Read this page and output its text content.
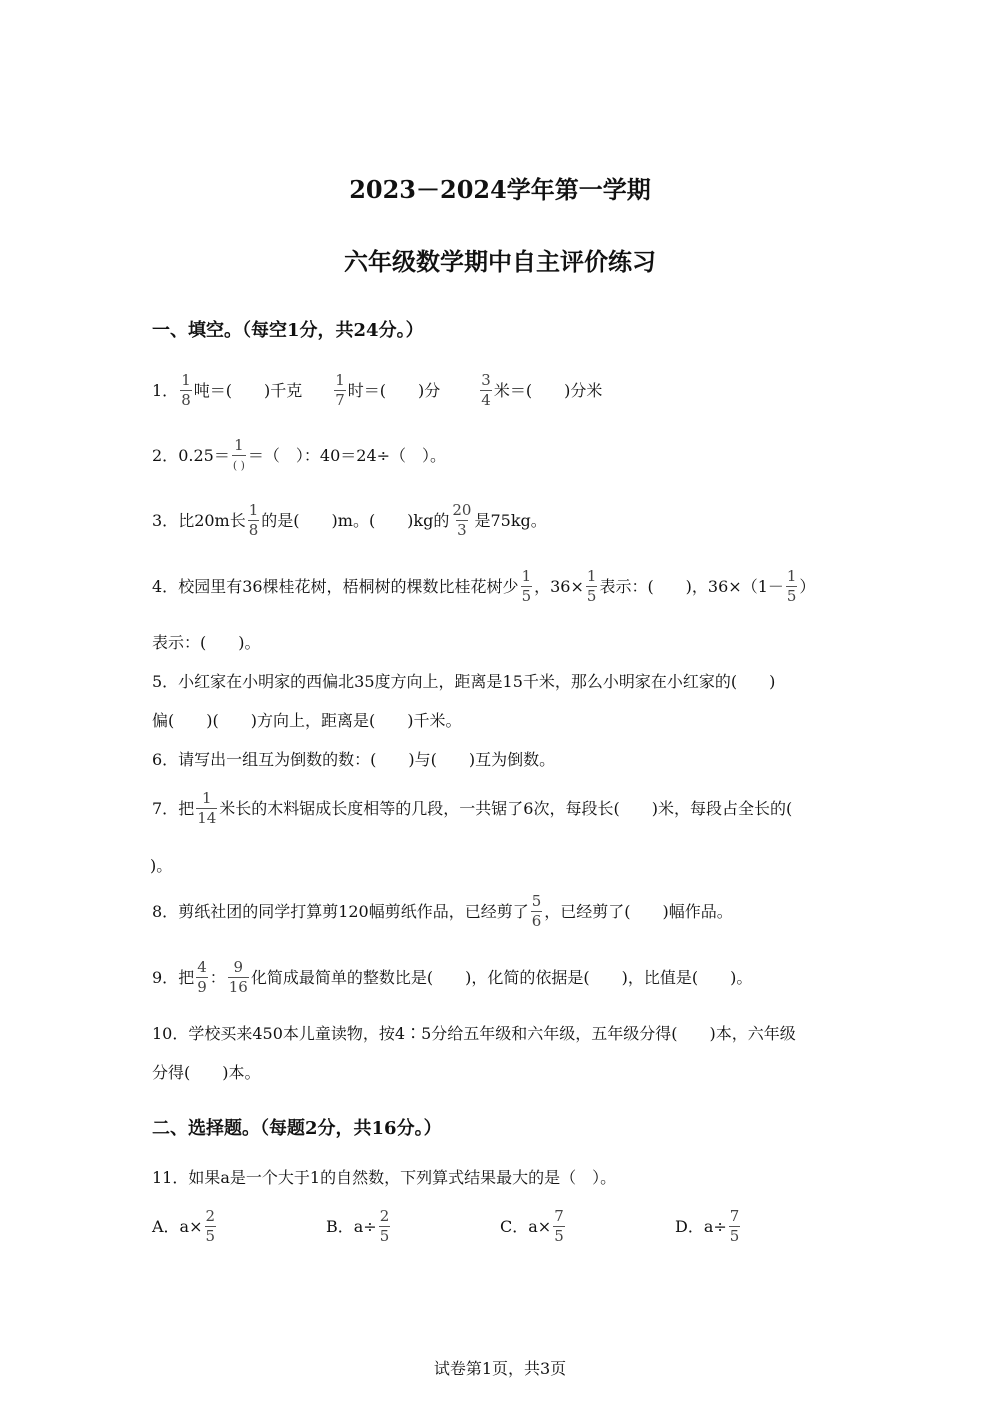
2023－2024学年第一学期
六年级数学期中自主评价练习
一、填空。（每空1分，共24分。）
1． $\frac{1}{8}$ 吨＝(　　)千克 $\frac{1}{7}$ 时＝(　　)分	$\frac{3}{4}$ 米＝(　　)分米
2． $0.25= \frac{1}{( )}$ ＝（　）：40＝24÷（　）。
3． 比20m长 $\frac{1}{8}$ 的是(　　)m。(　　)kg的 $\frac{20}{3}$ 是75kg。
4． 校园里有36棵桂花树，梧桐树的棵数比桂花树少 $\frac{1}{5}$ ，$36\times \frac{1}{5}$ 表示：(　　)，$36\times(1- \frac{1}{5}$ ）
表示：(　　)。
5．小红家在小明家的西偏北35度方向上，距离是15千米，那么小明家在小红家的(　　)
偏(　　)(　　)方向上，距离是(　　)千米。
6．请写出一组互为倒数的数：(　　)与(　　)互为倒数。
7． 把 $\frac{1}{14}$ 米长的木料锯成长度相等的几段，一共锯了6次，每段长(　　)米，每段占全长的(
)。
8． 剪纸社团的同学打算剪120幅剪纸作品，已经剪了 $\frac{5}{6}$ ，已经剪了(　　)幅作品。
9． 把 $\frac{4}{9}$ ： $\frac{9}{16}$ 化简成最简单的整数比是(　　)，化简的依据是(　　)，比值是(　　)。
10．学校买来450本儿童读物，按4∶5分给五年级和六年级，五年级分得(　　)本，六年级
分得(　　)本。
二、选择题。（每题2分，共16分。）
11．如果a是一个大于1的自然数，下列算式结果最大的是（　）。
A．$a\times \frac{2}{5}$	B．$a\div \frac{2}{5}$	C．$a\times \frac{7}{5}$	D．$a\div \frac{7}{5}$
试卷第1页，共3页
